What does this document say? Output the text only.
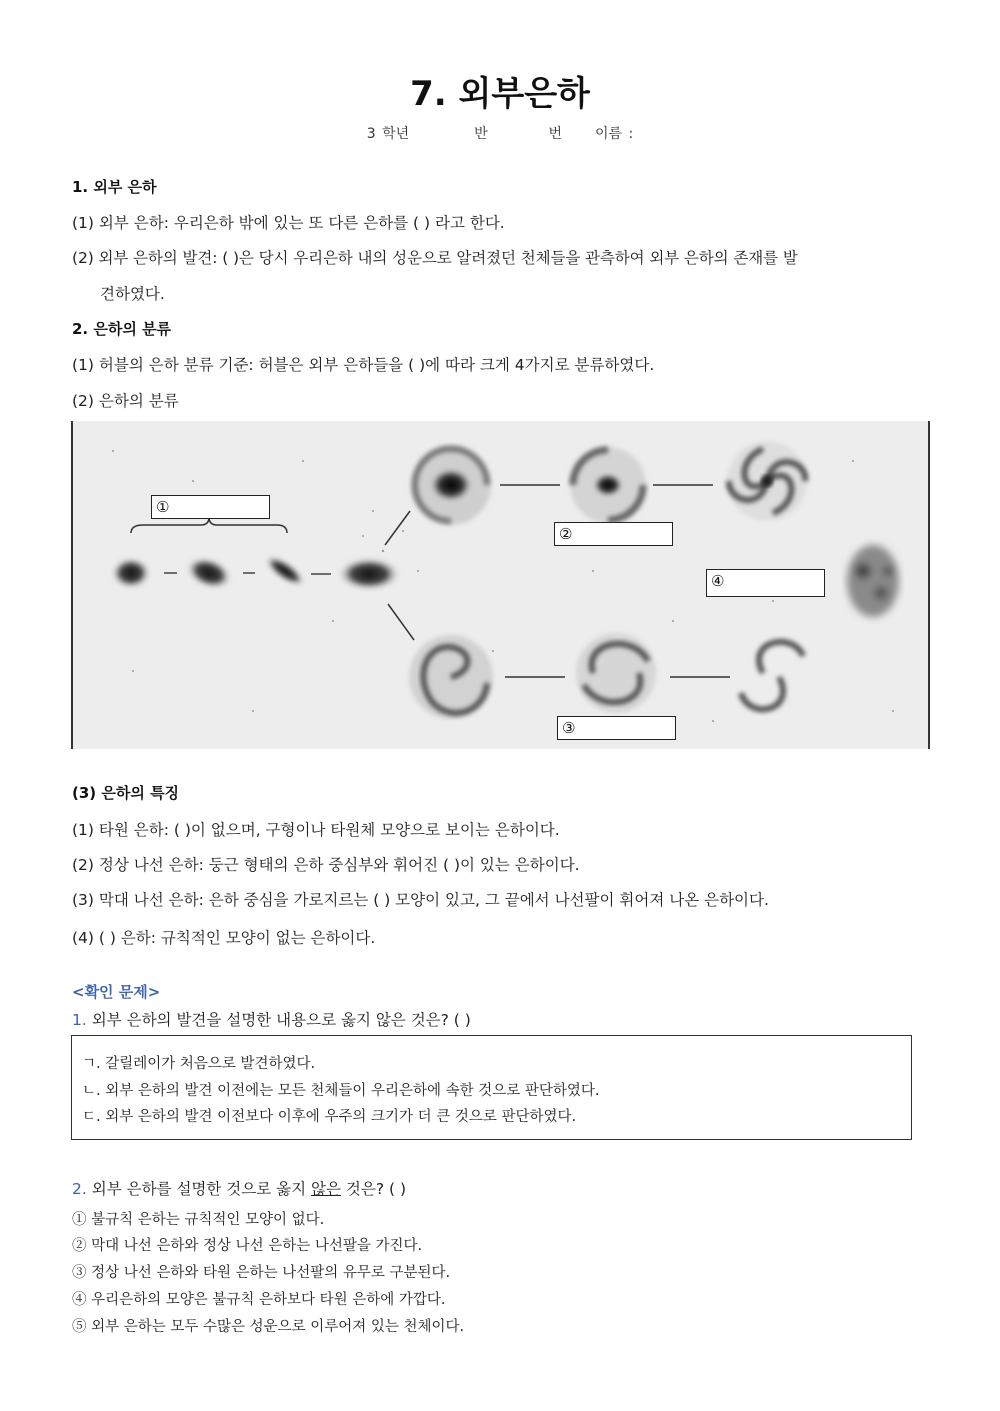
7. 외부은하
3 학년	반	번 이름 :
1. 외부 은하
(1) 외부 은하: 우리은하 밖에 있는 또 다른 은하를 ( ) 라고 한다.
(2) 외부 은하의 발견: ( )은 당시 우리은하 내의 성운으로 알려졌던 천체들을 관측하여 외부 은하의 존재를 발
견하였다.
2. 은하의 분류
(1) 허블의 은하 분류 기준: 허블은 외부 은하들을 ( )에 따라 크게 4가지로 분류하였다.
(2) 은하의 분류
①
②
③
④
(3) 은하의 특징
(1) 타원 은하: ( )이 없으며, 구형이나 타원체 모양으로 보이는 은하이다.
(2) 정상 나선 은하: 둥근 형태의 은하 중심부와 휘어진 ( )이 있는 은하이다.
(3) 막대 나선 은하: 은하 중심을 가로지르는 ( ) 모양이 있고, 그 끝에서 나선팔이 휘어져 나온 은하이다.
(4) ( ) 은하: 규칙적인 모양이 없는 은하이다.
<확인 문제>
1. 외부 은하의 발견을 설명한 내용으로 옳지 않은 것은? ( )
ㄱ. 갈릴레이가 처음으로 발견하였다.
ㄴ. 외부 은하의 발견 이전에는 모든 천체들이 우리은하에 속한 것으로 판단하였다.
ㄷ. 외부 은하의 발견 이전보다 이후에 우주의 크기가 더 큰 것으로 판단하였다.
2. 외부 은하를 설명한 것으로 옳지 않은 것은? ( )
① 불규칙 은하는 규칙적인 모양이 없다.
② 막대 나선 은하와 정상 나선 은하는 나선팔을 가진다.
③ 정상 나선 은하와 타원 은하는 나선팔의 유무로 구분된다.
④ 우리은하의 모양은 불규칙 은하보다 타원 은하에 가깝다.
⑤ 외부 은하는 모두 수많은 성운으로 이루어져 있는 천체이다.
